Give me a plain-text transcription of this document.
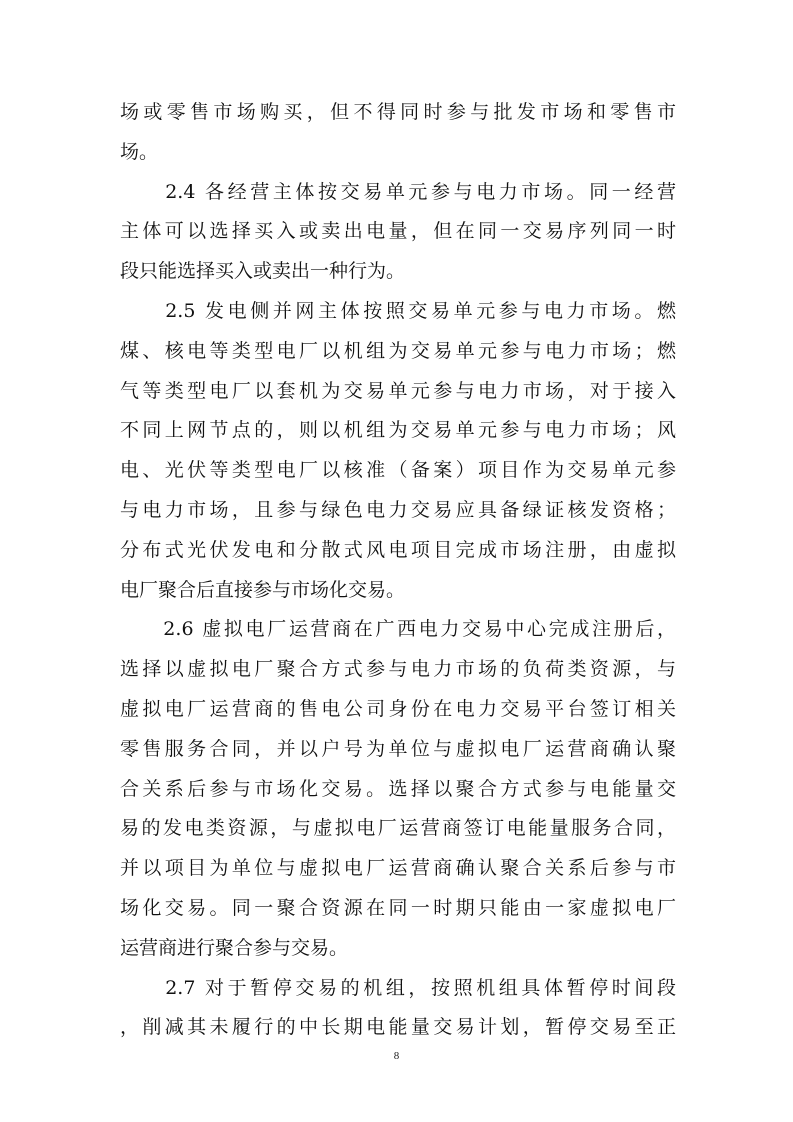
场或零售市场购买，但不得同时参与批发市场和零售市
场。
　　2.4 各经营主体按交易单元参与电力市场。同一经营
主体可以选择买入或卖出电量，但在同一交易序列同一时
段只能选择买入或卖出一种行为。
　　2.5 发电侧并网主体按照交易单元参与电力市场。燃
煤、核电等类型电厂以机组为交易单元参与电力市场；燃
气等类型电厂以套机为交易单元参与电力市场，对于接入
不同上网节点的，则以机组为交易单元参与电力市场；风
电、光伏等类型电厂以核准（备案）项目作为交易单元参
与电力市场，且参与绿色电力交易应具备绿证核发资格；
分布式光伏发电和分散式风电项目完成市场注册，由虚拟
电厂聚合后直接参与市场化交易。
　　2.6 虚拟电厂运营商在广西电力交易中心完成注册后，
选择以虚拟电厂聚合方式参与电力市场的负荷类资源，与
虚拟电厂运营商的售电公司身份在电力交易平台签订相关
零售服务合同，并以户号为单位与虚拟电厂运营商确认聚
合关系后参与市场化交易。选择以聚合方式参与电能量交
易的发电类资源，与虚拟电厂运营商签订电能量服务合同，
并以项目为单位与虚拟电厂运营商确认聚合关系后参与市
场化交易。同一聚合资源在同一时期只能由一家虚拟电厂
运营商进行聚合参与交易。
　　2.7 对于暂停交易的机组，按照机组具体暂停时间段
，削减其未履行的中长期电能量交易计划，暂停交易至正
8
